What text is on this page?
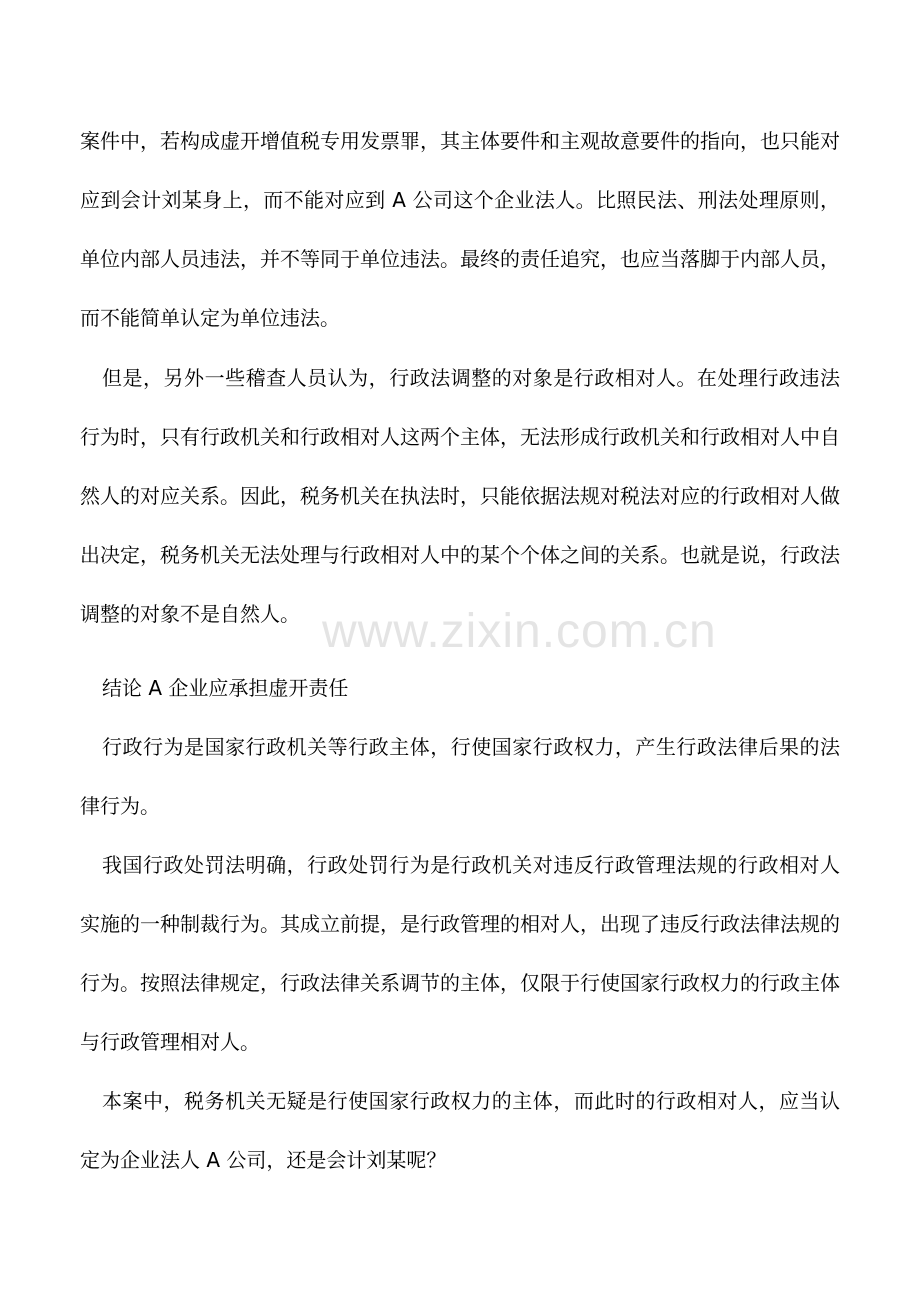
案件中，若构成虚开增值税专用发票罪，其主体要件和主观故意要件的指向，也只能对应到会计刘某身上，而不能对应到 A 公司这个企业法人。比照民法、刑法处理原则，单位内部人员违法，并不等同于单位违法。最终的责任追究，也应当落脚于内部人员，而不能简单认定为单位违法。

但是，另外一些稽查人员认为，行政法调整的对象是行政相对人。在处理行政违法行为时，只有行政机关和行政相对人这两个主体，无法形成行政机关和行政相对人中自然人的对应关系。因此，税务机关在执法时，只能依据法规对税法对应的行政相对人做出决定，税务机关无法处理与行政相对人中的某个个体之间的关系。也就是说，行政法调整的对象不是自然人。

结论 A 企业应承担虚开责任

行政行为是国家行政机关等行政主体，行使国家行政权力，产生行政法律后果的法律行为。

我国行政处罚法明确，行政处罚行为是行政机关对违反行政管理法规的行政相对人实施的一种制裁行为。其成立前提，是行政管理的相对人，出现了违反行政法律法规的行为。按照法律规定，行政法律关系调节的主体，仅限于行使国家行政权力的行政主体与行政管理相对人。

本案中，税务机关无疑是行使国家行政权力的主体，而此时的行政相对人，应当认定为企业法人 A 公司，还是会计刘某呢？

www.zixin.com.cn
